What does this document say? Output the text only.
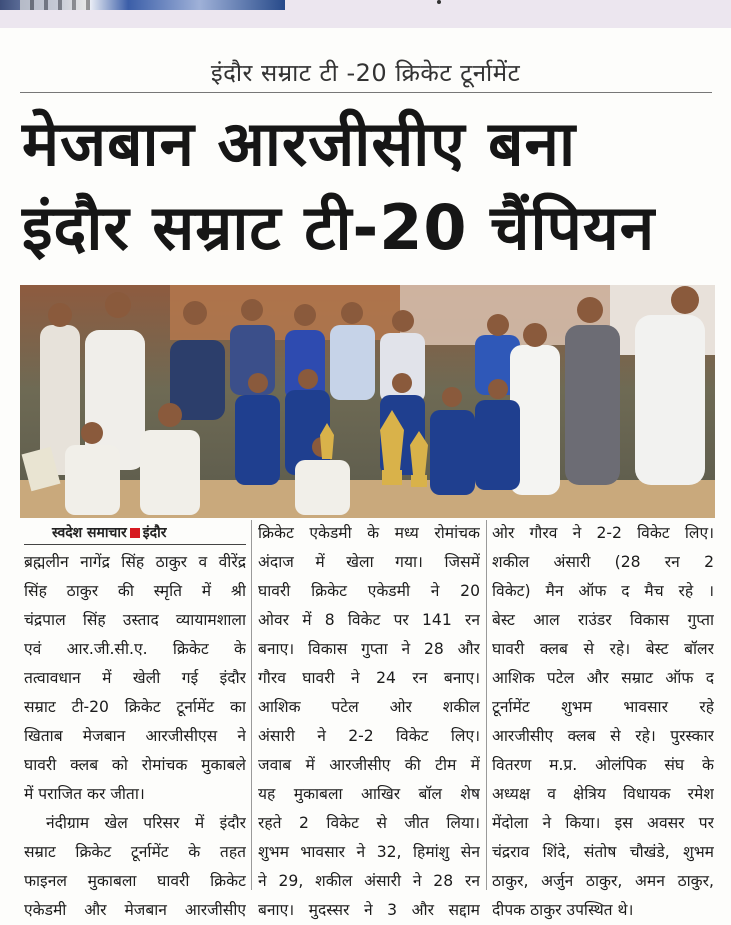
इंदौर सम्राट टी -20 क्रिकेट टूर्नामेंट
मेजबान आरजीसीए बना
इंदौर सम्राट टी-20 चैंपियन
स्वदेश समाचार इंदौर
ब्रह्मलीन नागेंद्र सिंह ठाकुर व वीरेंद्र
सिंह ठाकुर की स्मृति में श्री
चंद्रपाल सिंह उस्ताद व्यायामशाला
एवं आर.जी.सी.ए. क्रिकेट के
तत्वावधान में खेली गई इंदौर
सम्राट टी-20 क्रिकेट टूर्नामेंट का
खिताब मेजबान आरजीसीएस ने
घावरी क्लब को रोमांचक मुकाबले
में पराजित कर जीता।
नंदीग्राम खेल परिसर में इंदौर
सम्राट क्रिकेट टूर्नामेंट के तहत
फाइनल मुकाबला घावरी क्रिकेट
एकेडमी और मेजबान आरजीसीए
क्रिकेट एकेडमी के मध्य रोमांचक
अंदाज में खेला गया। जिसमें
घावरी क्रिकेट एकेडमी ने 20
ओवर में 8 विकेट पर 141 रन
बनाए। विकास गुप्ता ने 28 और
गौरव घावरी ने 24 रन बनाए।
आशिक पटेल ओर शकील
अंसारी ने 2-2 विकेट लिए।
जवाब में आरजीसीए की टीम में
यह मुकाबला आखिर बॉल शेष
रहते 2 विकेट से जीत लिया।
शुभम भावसार ने 32, हिमांशु सेन
ने 29, शकील अंसारी ने 28 रन
बनाए। मुदस्सर ने 3 और सद्दाम
ओर गौरव ने 2-2 विकेट लिए।
शकील अंसारी (28 रन 2
विकेट) मैन ऑफ द मैच रहे ।
बेस्ट आल राउंडर विकास गुप्ता
घावरी क्लब से रहे। बेस्ट बॉलर
आशिक पटेल और सम्राट ऑफ द
टूर्नामेंट शुभम भावसार रहे
आरजीसीए क्लब से रहे। पुरस्कार
वितरण म.प्र. ओलंपिक संघ के
अध्यक्ष व क्षेत्रिय विधायक रमेश
मेंदोला ने किया। इस अवसर पर
चंद्रराव शिंदे, संतोष चौखंडे, शुभम
ठाकुर, अर्जुन ठाकुर, अमन ठाकुर,
दीपक ठाकुर उपस्थित थे।
